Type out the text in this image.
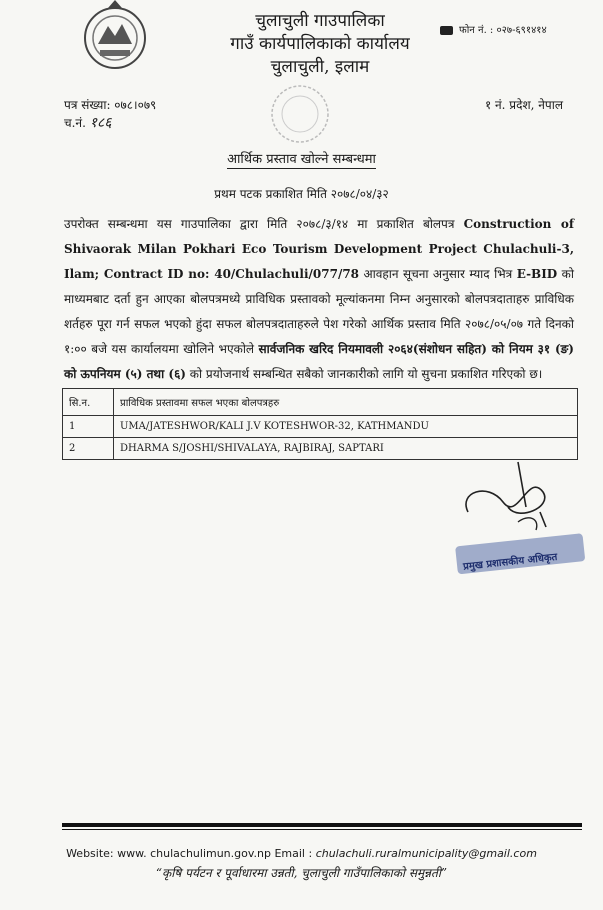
चुलाचुली गाउपालिका
गाउँ कार्यपालिकाको कार्यालय
चुलाचुली, इलाम
फोन नं. : ०२७-६९१४१४
पत्र संख्या: ०७८।०७९
च.नं. १८६
१ नं. प्रदेश, नेपाल
आर्थिक प्रस्ताव खोल्ने सम्बन्धमा
प्रथम पटक प्रकाशित मिति २०७८/०४/३२
उपरोक्त सम्बन्धमा यस गाउपालिका द्वारा मिति २०७८/३/१४ मा प्रकाशित बोलपत्र Construction of Shivaorak Milan Pokhari Eco Tourism Development Project Chulachuli-3, Ilam; Contract ID no: 40/Chulachuli/077/78 आवहान सूचना अनुसार म्याद भित्र E-BID को माध्यमबाट दर्ता हुन आएका बोलपत्रमध्ये प्राविधिक प्रस्तावको मूल्यांकनमा निम्न अनुसारको बोलपत्रदाताहरु प्राविधिक शर्तहरु पूरा गर्न सफल भएको हुंदा सफल बोलपत्रदाताहरुले पेश गरेको आर्थिक प्रस्ताव मिति २०७८/०५/०७ गते दिनको १:०० बजे यस कार्यालयमा खोलिने भएकोले सार्वजनिक खरिद नियमावली २०६४(संशोधन सहित) को नियम ३१ (ङ) को ऊपनियम (५) तथा (६) को प्रयोजनार्थ सम्बन्धित सबैको जानकारीको लागि यो सुचना प्रकाशित गरिएको छ।
सि.न.	प्राविधिक प्रस्तावमा सफल भएका बोलपत्रहरु
1	UMA/JATESHWOR/KALI J.V KOTESHWOR-32, KATHMANDU
2	DHARMA S/JOSHI/SHIVALAYA, RAJBIRAJ, SAPTARI
प्रमुख प्रशासकीय अधिकृत
Website: www. chulachulimun.gov.np Email : chulachuli.ruralmunicipality@gmail.com
“कृषि पर्यटन र पूर्वाधारमा उन्नती, चुलाचुली गाउँपालिकाको समुन्नती”
